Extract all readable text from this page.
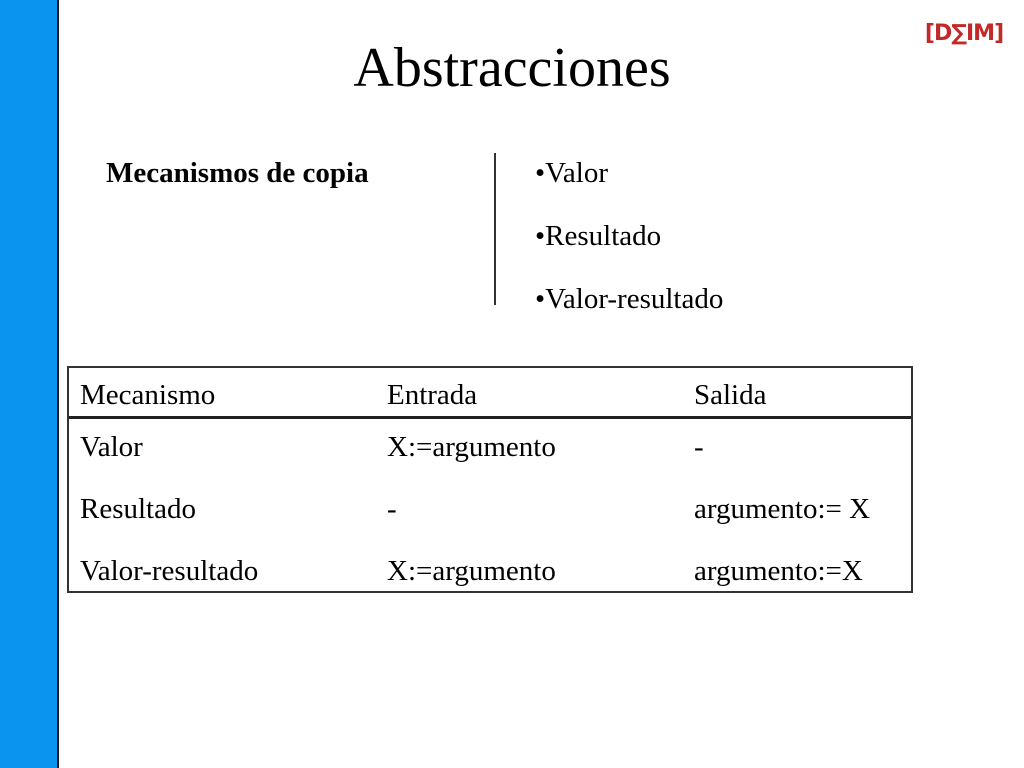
[ D ∑ IM ]
Abstracciones
Mecanismos de copia
•	Valor
• Resultado
• Valor-resultado
Mecanismo	Entrada	Salida
Valor	X:=argumento	-
Resultado	-	argumento:= X
Valor-resultado	X:=argumento	argumento:=X
